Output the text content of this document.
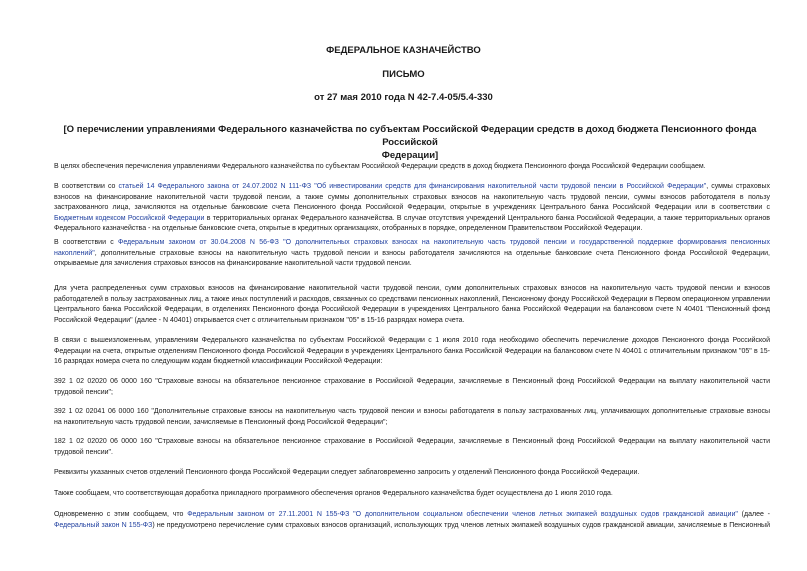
ФЕДЕРАЛЬНОЕ КАЗНАЧЕЙСТВО
ПИСЬМО
от 27 мая 2010 года N 42-7.4-05/5.4-330
[О перечислении управлениями Федерального казначейства по субъектам Российской Федерации средств в доход бюджета Пенсионного фонда Российской
Федерации]
В целях обеспечения перечисления управлениями Федерального казначейства по субъектам Российской Федерации средств в доход бюджета Пенсионного фонда Российской Федерации сообщаем.
В соответствии со статьей 14 Федерального закона от 24.07.2002 N 111-ФЗ "Об инвестировании средств для финансирования накопительной части трудовой пенсии в Российской Федерации", суммы страховых
взносов на финансирование накопительной части трудовой пенсии, а также суммы дополнительных страховых взносов на накопительную часть трудовой пенсии, суммы взносов работодателя в пользу
застрахованного лица, зачисляются на отдельные банковские счета Пенсионного фонда Российской Федерации, открытые в учреждениях Центрального банка Российской Федерации или в соответствии с
Бюджетным кодексом Российской Федерации в территориальных органах Федерального казначейства. В случае отсутствия учреждений Центрального банка Российской Федерации, а также территориальных органов
Федерального казначейства - на отдельные банковские счета, открытые в кредитных организациях, отобранных в порядке, определенном Правительством Российской Федерации.
В соответствии с Федеральным законом от 30.04.2008 N 56-ФЗ "О дополнительных страховых взносах на накопительную часть трудовой пенсии и государственной поддержке формирования пенсионных
накоплений", дополнительные страховые взносы на накопительную часть трудовой пенсии и взносы работодателя зачисляются на отдельные банковские счета Пенсионного фонда Российской Федерации,
открываемые для зачисления страховых взносов на финансирование накопительной части трудовой пенсии.
Для учета распределенных сумм страховых взносов на финансирование накопительной части трудовой пенсии, сумм дополнительных страховых взносов на накопительную часть трудовой пенсии и взносов
работодателей в пользу застрахованных лиц, а также иных поступлений и расходов, связанных со средствами пенсионных накоплений, Пенсионному фонду Российской Федерации в Первом операционном управлении
Центрального банка Российской Федерации, в отделениях Пенсионного фонда Российской Федерации в учреждениях Центрального банка Российской Федерации на балансовом счете N 40401 "Пенсионный фонд
Российской Федерации" (далее - N 40401) открывается счет с отличительным признаком "05" в 15-16 разрядах номера счета.
В связи с вышеизложенным, управлениям Федерального казначейства по субъектам Российской Федерации с 1 июля 2010 года необходимо обеспечить перечисление доходов Пенсионного фонда Российской
Федерации на счета, открытые отделениям Пенсионного фонда Российской Федерации в учреждениях Центрального банка Российской Федерации на балансовом счете N 40401 с отличительным признаком "05" в 15-
16 разрядах номера счета по следующим кодам бюджетной классификации Российской Федерации:
392 1 02 02020 06 0000 160 "Страховые взносы на обязательное пенсионное страхование в Российской Федерации, зачисляемые в Пенсионный фонд Российской Федерации на выплату накопительной части
трудовой пенсии";
392 1 02 02041 06 0000 160 "Дополнительные страховые взносы на накопительную часть трудовой пенсии и взносы работодателя в пользу застрахованных лиц, уплачивающих дополнительные страховые взносы
на накопительную часть трудовой пенсии, зачисляемые в Пенсионный фонд Российской Федерации";
182 1 02 02020 06 0000 160 "Страховые взносы на обязательное пенсионное страхование в Российской Федерации, зачисляемые в Пенсионный фонд Российской Федерации на выплату накопительной части
трудовой пенсии".
Реквизиты указанных счетов отделений Пенсионного фонда Российской Федерации следует заблаговременно запросить у отделений Пенсионного фонда Российской Федерации.
Также сообщаем, что соответствующая доработка прикладного программного обеспечения органов Федерального казначейства будет осуществлена до 1 июля 2010 года.
Одновременно с этим сообщаем, что Федеральным законом от 27.11.2001 N 155-ФЗ "О дополнительном социальном обеспечении членов летных экипажей воздушных судов гражданской авиации" (далее -
Федеральный закон N 155-ФЗ) не предусмотрено перечисление сумм страховых взносов организаций, использующих труд членов летных экипажей воздушных судов гражданской авиации, зачисляемые в Пенсионный
